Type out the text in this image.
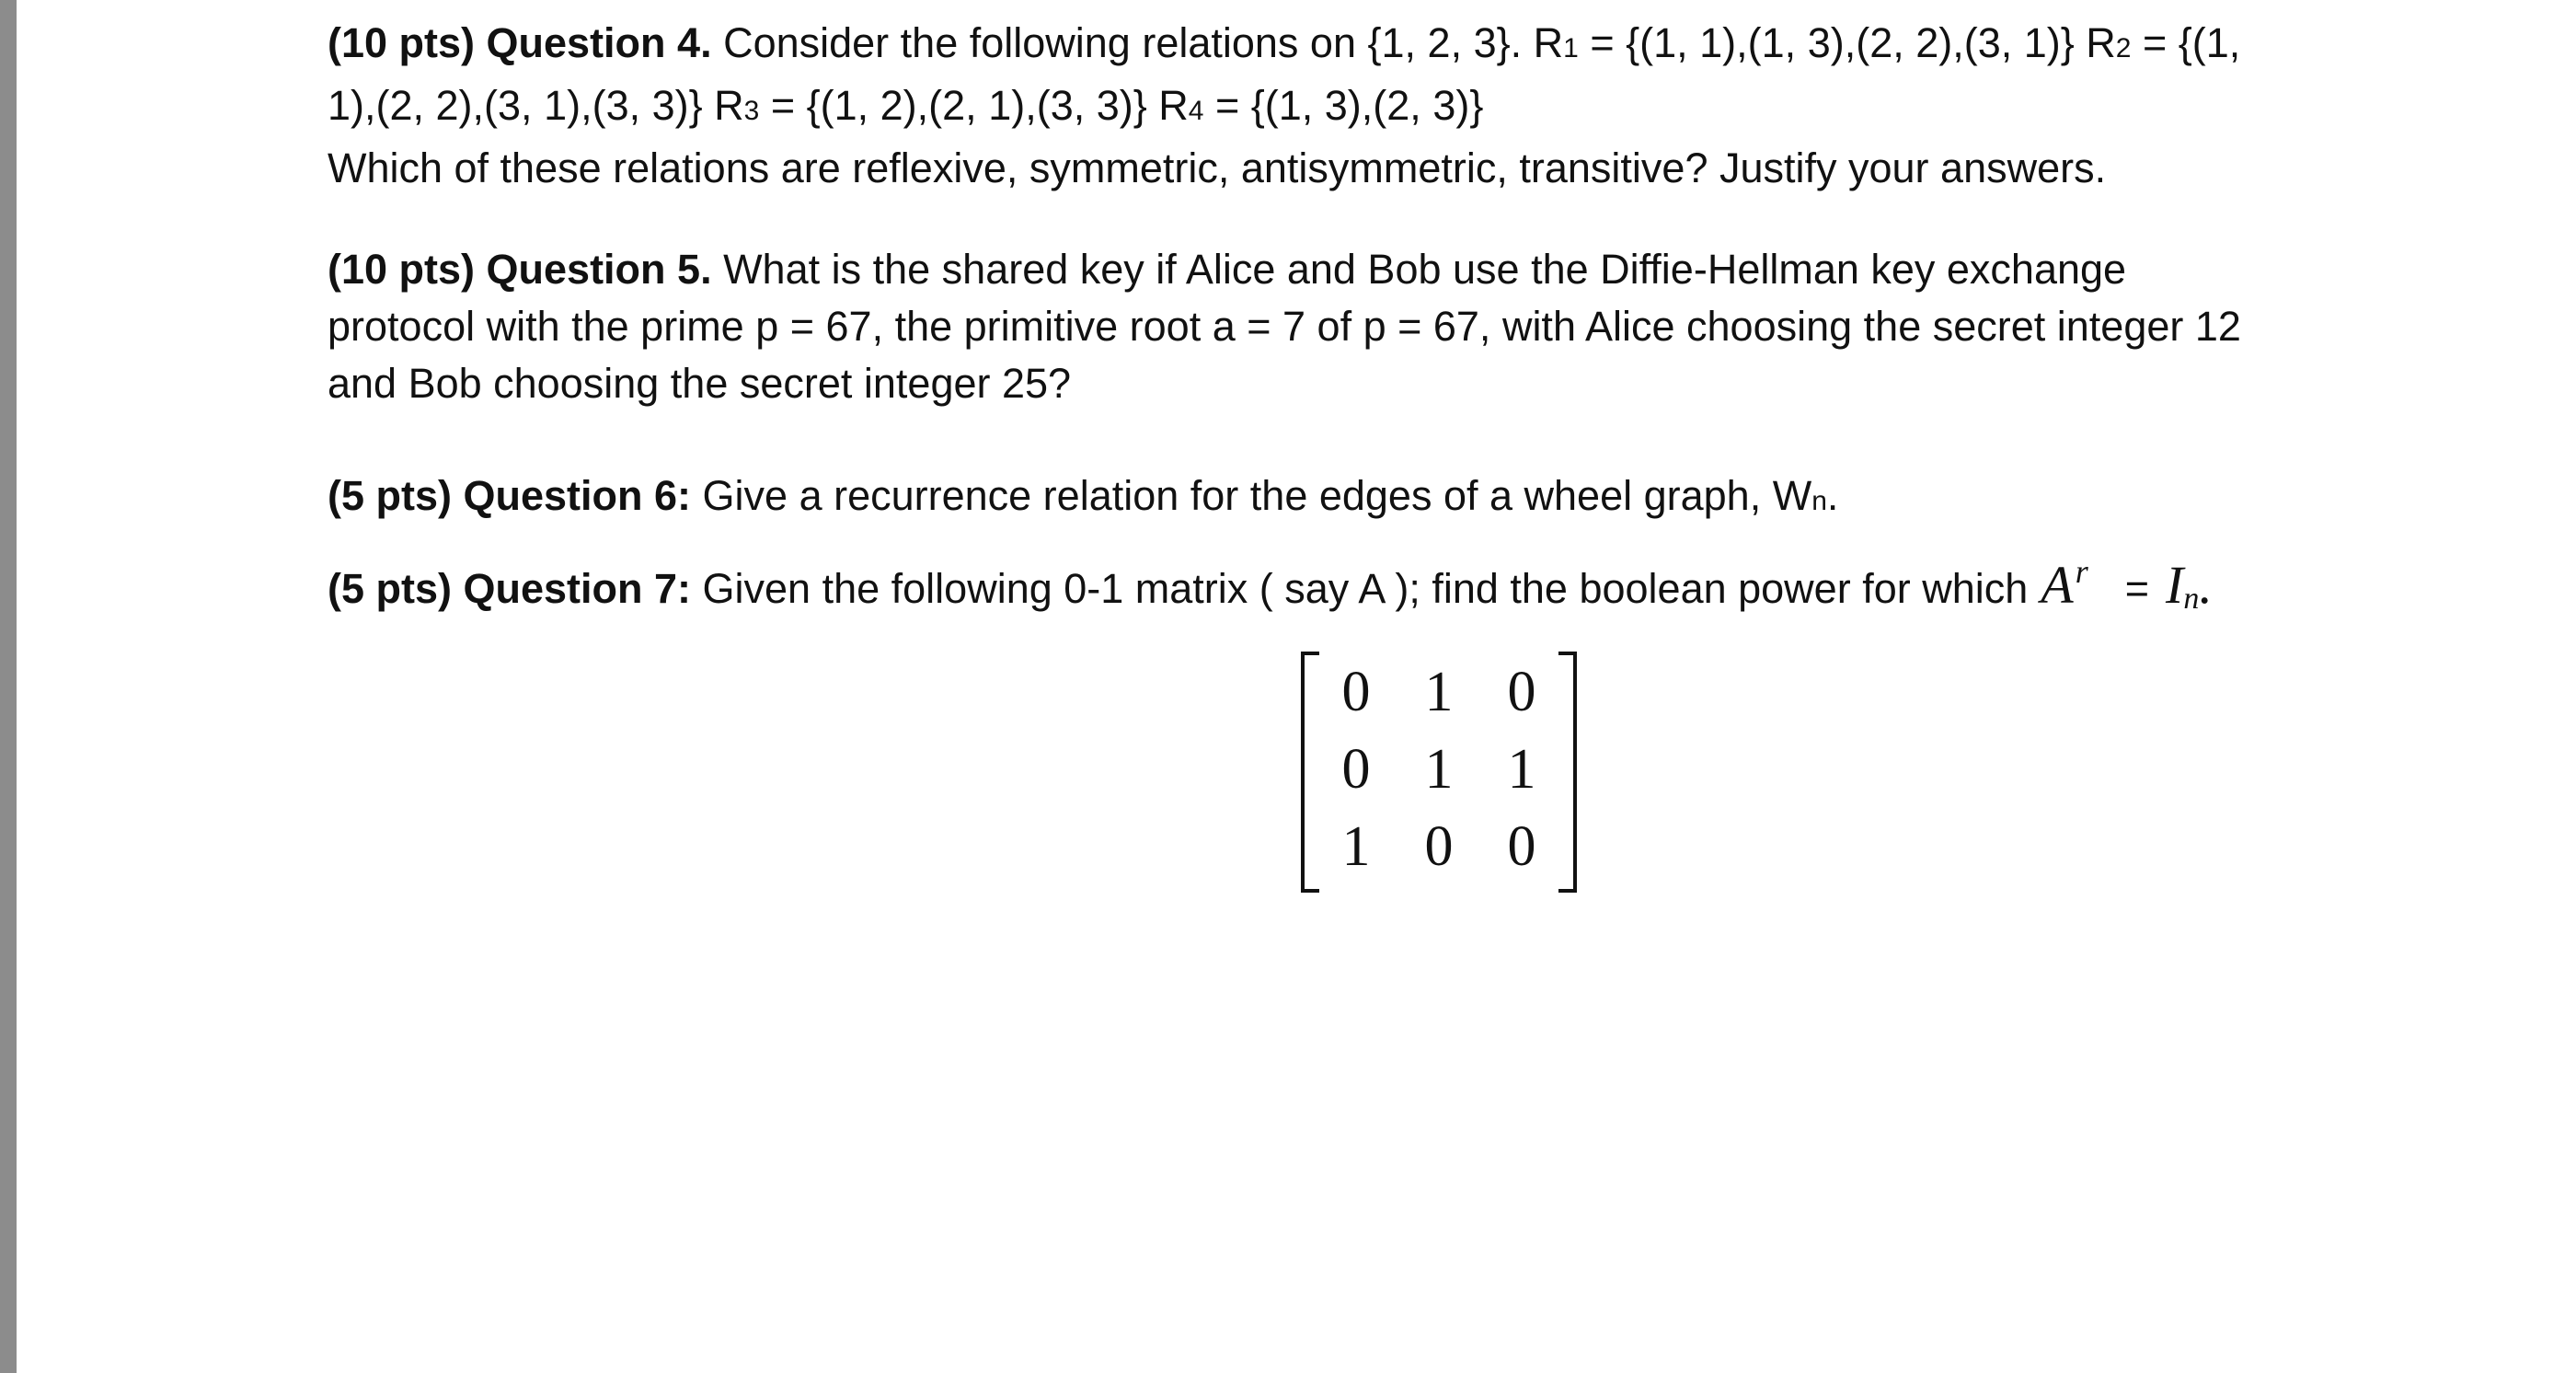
(10 pts) Question 4. Consider the following relations on {1, 2, 3}. R1 = {(1, 1),(1, 3),(2, 2),(3, 1)} R2 = {(1,
1),(2, 2),(3, 1),(3, 3)} R3 = {(1, 2),(2, 1),(3, 3)} R4 = {(1, 3),(2, 3)}
Which of these relations are reflexive, symmetric, antisymmetric, transitive? Justify your answers.
(10 pts) Question 5. What is the shared key if Alice and Bob use the Diffie-Hellman key exchange
protocol with the prime p = 67, the primitive root a = 7 of p = 67, with Alice choosing the secret integer 12
and Bob choosing the secret integer 25?
(5 pts) Question 6: Give a recurrence relation for the edges of a wheel graph, Wn.
(5 pts) Question 7: Given the following 0-1 matrix ( say A ); find the boolean power for which $A^r = In$.
0 1 0
0 1 1
1 0 0
